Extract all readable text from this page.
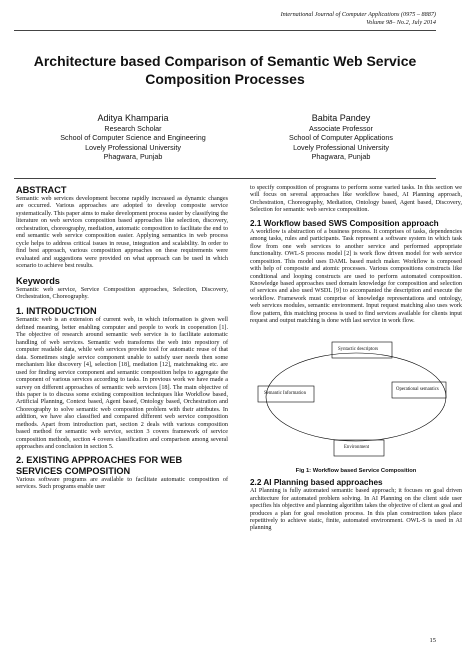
International Journal of Computer Applications (0975 – 8887)
Volume 98– No.2, July 2014
Architecture based Comparison of Semantic Web Service Composition Processes
Aditya Khamparia
Research Scholar
School of Computer Science and Engineering
Lovely Professional University
Phagwara, Punjab
Babita Pandey
Associate Professor
School of Computer Applications
Lovely Professional University
Phagwara, Punjab
ABSTRACT

Semantic web services development become rapidly increased as dynamic changes are occurred. Various approaches are adopted to develop composite service systematically. This paper aims to make development process easier by classifying the literature on web services composition based approaches like selection, discovery, orchestration, choreography, mediation, automatic composition to facilitate the end to end semantic web service composition easier. Applying semantics in web process cycle helps to address critical issues in reuse, integration and scalability. In order to find best approach, various composition approaches on these requirements were evaluated and suggestions were provided on what approach can be used in which scenario to achieve best results.

Keywords

Semantic web service, Service Composition approaches, Selection, Discovery, Orchestration, Choreography.

1. INTRODUCTION

Semantic web is an extension of current web, in which information is given well defined meaning, better enabling computer and people to work in cooperation [1]. The objective of research around semantic web service is to facilitate automatic handling of web services. Semantic web transforms the web into repository of computer readable data, while web services provide tool for automatic reuse of that data. Sometimes single service component unable to satisfy user needs then some mechanism like discovery [4], selection [18], mediation [12], matchmaking etc. are used for finding service component and semantic composition helps to aggregate the component of various services according to tasks. In previous work we have made a survey on different approaches of semantic web services [18]. The main objective of this paper is to discuss some existing composition techniques like Workflow based, Artificial Planning, Context based, Agent based, Ontology based, Orchestration and Choreography to solve semantic web composition problem with their attributes. In addition, we have also classified and compared different web service composition methods. Apart from introduction part, section 2 deals with various composition based method for semantic web service, section 3 covers framework of service composition methods, section 4 covers classification and comparison among several approaches and conclusion in section 5.

2. EXISTING APPROACHES FOR WEB SERVICES COMPOSITION

Various software programs are available to facilitate automatic composition of services. Such programs enable user

to specify composition of programs to perform some varied tasks. In this section we will focus on several approaches like workflow based, AI Planning approach, Orchestration, Choreography, Mediation, Ontology based, Agent based, Discovery, Selection for semantic web service composition.

2.1 Workflow based SWS Composition approach

A workflow is abstraction of a business process. It comprises of tasks, dependencies among tasks, rules and participants. Task represent a software system in which task flow from one web services to another service and performed appropriate functionality. OWL-S process model [2] is work flow driven model for web service composition. This model uses DAML based match maker. Workflow is composed with help of composite and atomic processes. Various compositions constructs like conditional and looping constructs are used to perform automated composition. Knowledge based approaches used domain knowledge for composition and selection of services and also used WSDL [9] to accompanied the description and execute the workflow. Framework must comprise of knowledge representations and ontology, web services modules, semantic environment. Input request matching also uses work flow pattern, this matching process is used to find services available for clients input request and output matching is done with last service in work flow.

Syntactic descriptors
Semantic Information
Operational semantics
Environment
Fig 1: Workflow based Service Composition
2.2 AI Planning based approaches

AI Planning is fully automated semantic based approach; it focuses on goal driven architecture for automated problem solving. In AI Planning on the client side user specifies his objective and planning algorithm takes the objective of client as goal and produces a plan for goal resolution process. In this plan construction takes place repetitively to achieve static, finite, automated environment. OWL-S is used in AI planning

15
